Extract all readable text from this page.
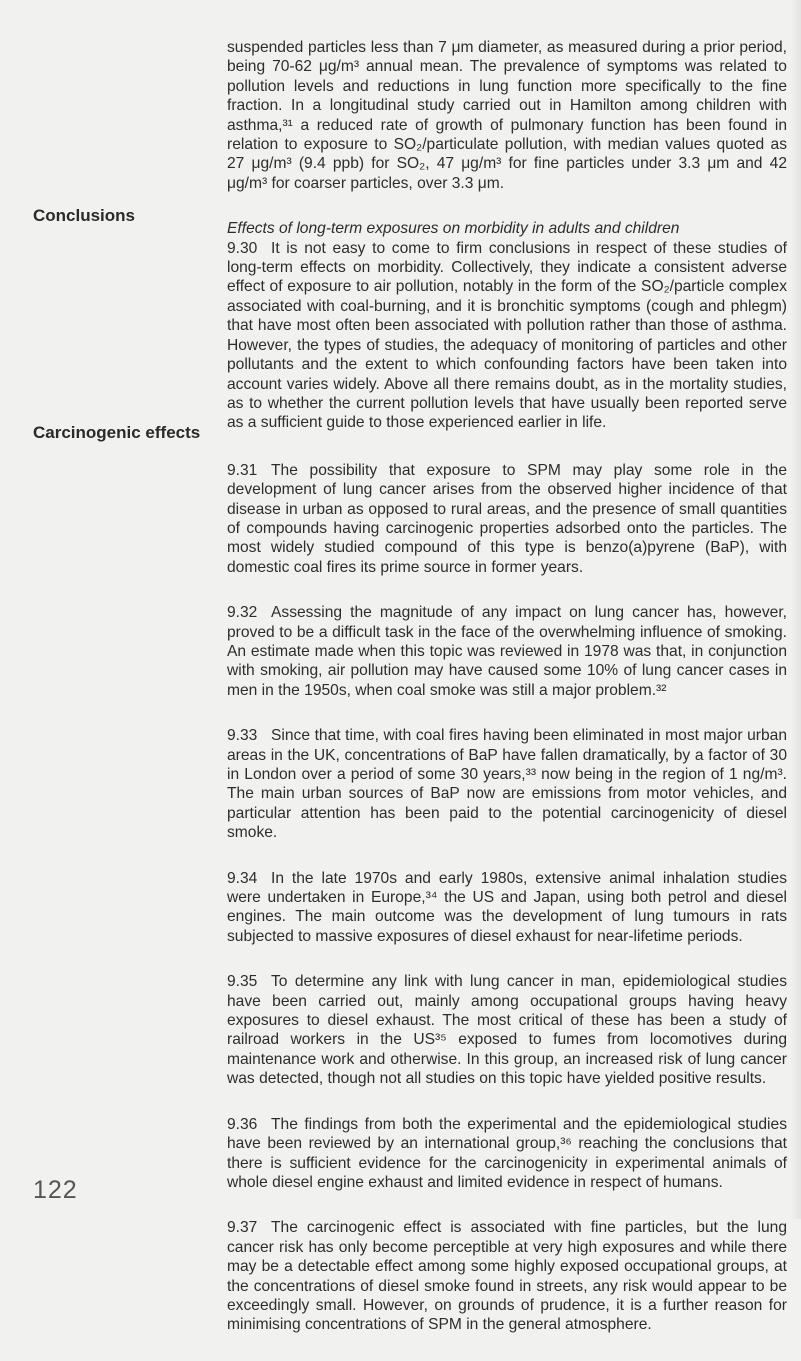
Conclusions
Carcinogenic effects
122

suspended particles less than 7 μm diameter, as measured during a prior period, being 70-62 μg/m³ annual mean. The prevalence of symptoms was related to pollution levels and reductions in lung function more specifically to the fine fraction. In a longitudinal study carried out in Hamilton among children with asthma,³¹ a reduced rate of growth of pulmonary function has been found in relation to exposure to SO₂/particulate pollution, with median values quoted as 27 μg/m³ (9.4 ppb) for SO₂, 47 μg/m³ for fine particles under 3.3 μm and 42 μg/m³ for coarser particles, over 3.3 μm.

Effects of long-term exposures on morbidity in adults and children

9.30 It is not easy to come to firm conclusions in respect of these studies of long-term effects on morbidity. Collectively, they indicate a consistent adverse effect of exposure to air pollution, notably in the form of the SO₂/particle complex associated with coal-burning, and it is bronchitic symptoms (cough and phlegm) that have most often been associated with pollution rather than those of asthma. However, the types of studies, the adequacy of monitoring of particles and other pollutants and the extent to which confounding factors have been taken into account varies widely. Above all there remains doubt, as in the mortality studies, as to whether the current pollution levels that have usually been reported serve as a sufficient guide to those experienced earlier in life.

9.31 The possibility that exposure to SPM may play some role in the development of lung cancer arises from the observed higher incidence of that disease in urban as opposed to rural areas, and the presence of small quantities of compounds having carcinogenic properties adsorbed onto the particles. The most widely studied compound of this type is benzo(a)pyrene (BaP), with domestic coal fires its prime source in former years.

9.32 Assessing the magnitude of any impact on lung cancer has, however, proved to be a difficult task in the face of the overwhelming influence of smoking. An estimate made when this topic was reviewed in 1978 was that, in conjunction with smoking, air pollution may have caused some 10% of lung cancer cases in men in the 1950s, when coal smoke was still a major problem.³²

9.33 Since that time, with coal fires having been eliminated in most major urban areas in the UK, concentrations of BaP have fallen dramatically, by a factor of 30 in London over a period of some 30 years,³³ now being in the region of 1 ng/m³. The main urban sources of BaP now are emissions from motor vehicles, and particular attention has been paid to the potential carcinogenicity of diesel smoke.

9.34 In the late 1970s and early 1980s, extensive animal inhalation studies were undertaken in Europe,³⁴ the US and Japan, using both petrol and diesel engines. The main outcome was the development of lung tumours in rats subjected to massive exposures of diesel exhaust for near-lifetime periods.

9.35 To determine any link with lung cancer in man, epidemiological studies have been carried out, mainly among occupational groups having heavy exposures to diesel exhaust. The most critical of these has been a study of railroad workers in the US³⁵ exposed to fumes from locomotives during maintenance work and otherwise. In this group, an increased risk of lung cancer was detected, though not all studies on this topic have yielded positive results.

9.36 The findings from both the experimental and the epidemiological studies have been reviewed by an international group,³⁶ reaching the conclusions that there is sufficient evidence for the carcinogenicity in experimental animals of whole diesel engine exhaust and limited evidence in respect of humans.

9.37 The carcinogenic effect is associated with fine particles, but the lung cancer risk has only become perceptible at very high exposures and while there may be a detectable effect among some highly exposed occupational groups, at the concentrations of diesel smoke found in streets, any risk would appear to be exceedingly small. However, on grounds of prudence, it is a further reason for minimising concentrations of SPM in the general atmosphere.
